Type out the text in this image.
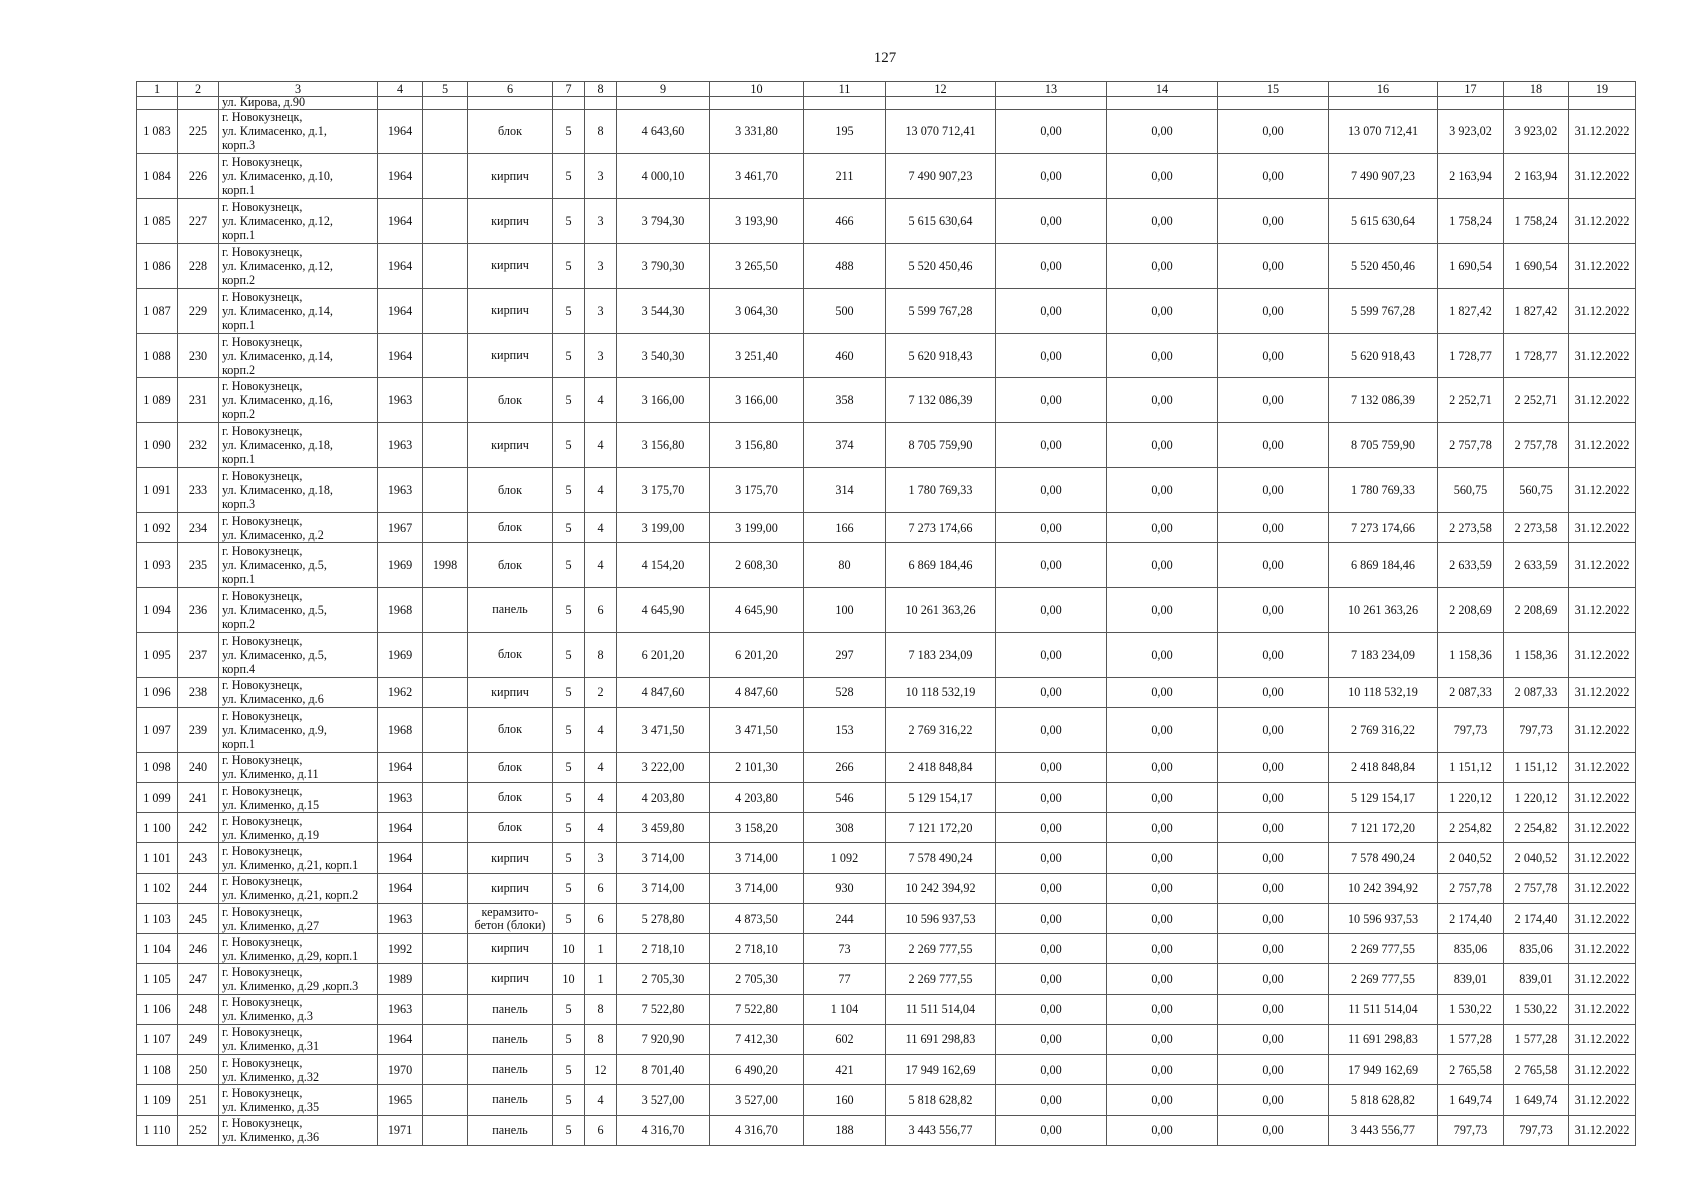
127
1	2	3	4	5	6	7	8	9	10	11	12	13	14	15	16	17	18	19
		ул. Кирова, д.90																
1 083	225	г. Новокузнецк,
ул. Климасенко, д.1,
корп.3	1964		блок	5	8	4 643,60	3 331,80	195	13 070 712,41	0,00	0,00	0,00	13 070 712,41	3 923,02	3 923,02	31.12.2022
1 084	226	г. Новокузнецк,
ул. Климасенко, д.10,
корп.1	1964		кирпич	5	3	4 000,10	3 461,70	211	7 490 907,23	0,00	0,00	0,00	7 490 907,23	2 163,94	2 163,94	31.12.2022
1 085	227	г. Новокузнецк,
ул. Климасенко, д.12,
корп.1	1964		кирпич	5	3	3 794,30	3 193,90	466	5 615 630,64	0,00	0,00	0,00	5 615 630,64	1 758,24	1 758,24	31.12.2022
1 086	228	г. Новокузнецк,
ул. Климасенко, д.12,
корп.2	1964		кирпич	5	3	3 790,30	3 265,50	488	5 520 450,46	0,00	0,00	0,00	5 520 450,46	1 690,54	1 690,54	31.12.2022
1 087	229	г. Новокузнецк,
ул. Климасенко, д.14,
корп.1	1964		кирпич	5	3	3 544,30	3 064,30	500	5 599 767,28	0,00	0,00	0,00	5 599 767,28	1 827,42	1 827,42	31.12.2022
1 088	230	г. Новокузнецк,
ул. Климасенко, д.14,
корп.2	1964		кирпич	5	3	3 540,30	3 251,40	460	5 620 918,43	0,00	0,00	0,00	5 620 918,43	1 728,77	1 728,77	31.12.2022
1 089	231	г. Новокузнецк,
ул. Климасенко, д.16,
корп.2	1963		блок	5	4	3 166,00	3 166,00	358	7 132 086,39	0,00	0,00	0,00	7 132 086,39	2 252,71	2 252,71	31.12.2022
1 090	232	г. Новокузнецк,
ул. Климасенко, д.18,
корп.1	1963		кирпич	5	4	3 156,80	3 156,80	374	8 705 759,90	0,00	0,00	0,00	8 705 759,90	2 757,78	2 757,78	31.12.2022
1 091	233	г. Новокузнецк,
ул. Климасенко, д.18,
корп.3	1963		блок	5	4	3 175,70	3 175,70	314	1 780 769,33	0,00	0,00	0,00	1 780 769,33	560,75	560,75	31.12.2022
1 092	234	г. Новокузнецк,
ул. Климасенко, д.2	1967		блок	5	4	3 199,00	3 199,00	166	7 273 174,66	0,00	0,00	0,00	7 273 174,66	2 273,58	2 273,58	31.12.2022
1 093	235	г. Новокузнецк,
ул. Климасенко, д.5,
корп.1	1969	1998	блок	5	4	4 154,20	2 608,30	80	6 869 184,46	0,00	0,00	0,00	6 869 184,46	2 633,59	2 633,59	31.12.2022
1 094	236	г. Новокузнецк,
ул. Климасенко, д.5,
корп.2	1968		панель	5	6	4 645,90	4 645,90	100	10 261 363,26	0,00	0,00	0,00	10 261 363,26	2 208,69	2 208,69	31.12.2022
1 095	237	г. Новокузнецк,
ул. Климасенко, д.5,
корп.4	1969		блок	5	8	6 201,20	6 201,20	297	7 183 234,09	0,00	0,00	0,00	7 183 234,09	1 158,36	1 158,36	31.12.2022
1 096	238	г. Новокузнецк,
ул. Климасенко, д.6	1962		кирпич	5	2	4 847,60	4 847,60	528	10 118 532,19	0,00	0,00	0,00	10 118 532,19	2 087,33	2 087,33	31.12.2022
1 097	239	г. Новокузнецк,
ул. Климасенко, д.9,
корп.1	1968		блок	5	4	3 471,50	3 471,50	153	2 769 316,22	0,00	0,00	0,00	2 769 316,22	797,73	797,73	31.12.2022
1 098	240	г. Новокузнецк,
ул. Клименко, д.11	1964		блок	5	4	3 222,00	2 101,30	266	2 418 848,84	0,00	0,00	0,00	2 418 848,84	1 151,12	1 151,12	31.12.2022
1 099	241	г. Новокузнецк,
ул. Клименко, д.15	1963		блок	5	4	4 203,80	4 203,80	546	5 129 154,17	0,00	0,00	0,00	5 129 154,17	1 220,12	1 220,12	31.12.2022
1 100	242	г. Новокузнецк,
ул. Клименко, д.19	1964		блок	5	4	3 459,80	3 158,20	308	7 121 172,20	0,00	0,00	0,00	7 121 172,20	2 254,82	2 254,82	31.12.2022
1 101	243	г. Новокузнецк,
ул. Клименко, д.21, корп.1	1964		кирпич	5	3	3 714,00	3 714,00	1 092	7 578 490,24	0,00	0,00	0,00	7 578 490,24	2 040,52	2 040,52	31.12.2022
1 102	244	г. Новокузнецк,
ул. Клименко, д.21, корп.2	1964		кирпич	5	6	3 714,00	3 714,00	930	10 242 394,92	0,00	0,00	0,00	10 242 394,92	2 757,78	2 757,78	31.12.2022
1 103	245	г. Новокузнецк,
ул. Клименко, д.27	1963		керамзито-бетон (блоки)	5	6	5 278,80	4 873,50	244	10 596 937,53	0,00	0,00	0,00	10 596 937,53	2 174,40	2 174,40	31.12.2022
1 104	246	г. Новокузнецк,
ул. Клименко, д.29, корп.1	1992		кирпич	10	1	2 718,10	2 718,10	73	2 269 777,55	0,00	0,00	0,00	2 269 777,55	835,06	835,06	31.12.2022
1 105	247	г. Новокузнецк,
ул. Клименко, д.29 ,корп.3	1989		кирпич	10	1	2 705,30	2 705,30	77	2 269 777,55	0,00	0,00	0,00	2 269 777,55	839,01	839,01	31.12.2022
1 106	248	г. Новокузнецк,
ул. Клименко, д.3	1963		панель	5	8	7 522,80	7 522,80	1 104	11 511 514,04	0,00	0,00	0,00	11 511 514,04	1 530,22	1 530,22	31.12.2022
1 107	249	г. Новокузнецк,
ул. Клименко, д.31	1964		панель	5	8	7 920,90	7 412,30	602	11 691 298,83	0,00	0,00	0,00	11 691 298,83	1 577,28	1 577,28	31.12.2022
1 108	250	г. Новокузнецк,
ул. Клименко, д.32	1970		панель	5	12	8 701,40	6 490,20	421	17 949 162,69	0,00	0,00	0,00	17 949 162,69	2 765,58	2 765,58	31.12.2022
1 109	251	г. Новокузнецк,
ул. Клименко, д.35	1965		панель	5	4	3 527,00	3 527,00	160	5 818 628,82	0,00	0,00	0,00	5 818 628,82	1 649,74	1 649,74	31.12.2022
1 110	252	г. Новокузнецк,
ул. Клименко, д.36	1971		панель	5	6	4 316,70	4 316,70	188	3 443 556,77	0,00	0,00	0,00	3 443 556,77	797,73	797,73	31.12.2022
